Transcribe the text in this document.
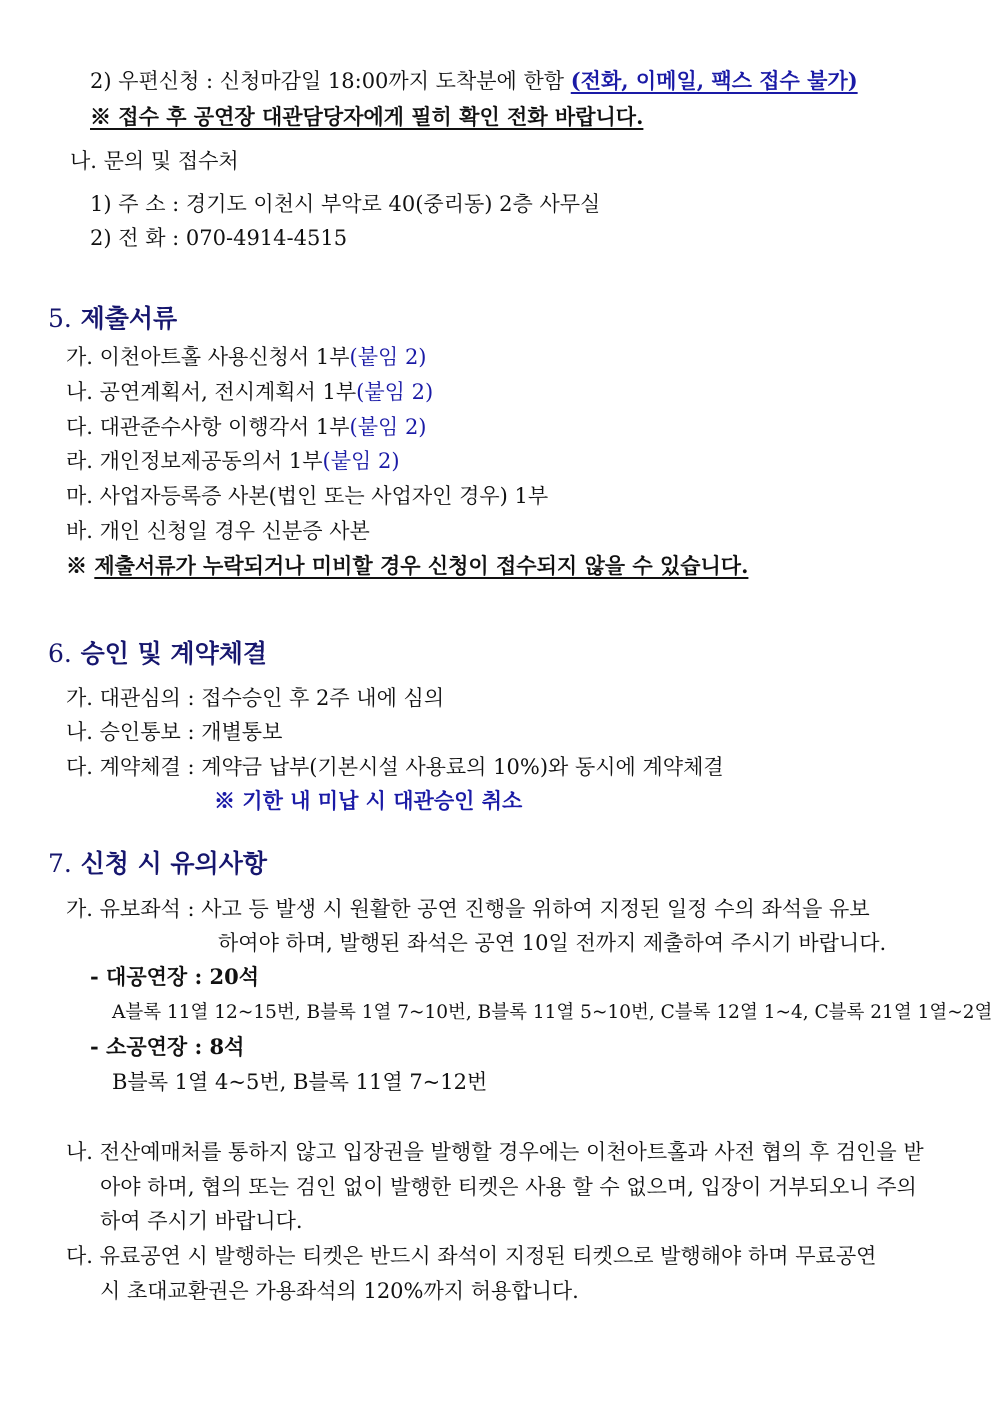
2) 우편신청 : 신청마감일 18:00까지 도착분에 한함 (전화, 이메일, 팩스 접수 불가)
※ 접수 후 공연장 대관담당자에게 필히 확인 전화 바랍니다.
나. 문의 및 접수처
1) 주 소 : 경기도 이천시 부악로 40(중리동) 2층 사무실
2) 전 화 : 070-4914-4515
5. 제출서류
가. 이천아트홀 사용신청서 1부(붙임 2)
나. 공연계획서, 전시계획서 1부(붙임 2)
다. 대관준수사항 이행각서 1부(붙임 2)
라. 개인정보제공동의서 1부(붙임 2)
마. 사업자등록증 사본(법인 또는 사업자인 경우) 1부
바. 개인 신청일 경우 신분증 사본
※ 제출서류가 누락되거나 미비할 경우 신청이 접수되지 않을 수 있습니다.
6. 승인 및 계약체결
가. 대관심의 : 접수승인 후 2주 내에 심의
나. 승인통보 : 개별통보
다. 계약체결 : 계약금 납부(기본시설 사용료의 10%)와 동시에 계약체결
※ 기한 내 미납 시 대관승인 취소
7. 신청 시 유의사항
가. 유보좌석 : 사고 등 발생 시 원활한 공연 진행을 위하여 지정된 일정 수의 좌석을 유보
하여야 하며, 발행된 좌석은 공연 10일 전까지 제출하여 주시기 바랍니다.
- 대공연장 : 20석
A블록 11열 12~15번, B블록 1열 7~10번, B블록 11열 5~10번, C블록 12열 1~4, C블록 21열 1열~2열
- 소공연장 : 8석
B블록 1열 4~5번, B블록 11열 7~12번
나. 전산예매처를 통하지 않고 입장권을 발행할 경우에는 이천아트홀과 사전 협의 후 검인을 받
아야 하며, 협의 또는 검인 없이 발행한 티켓은 사용 할 수 없으며, 입장이 거부되오니 주의
하여 주시기 바랍니다.
다. 유료공연 시 발행하는 티켓은 반드시 좌석이 지정된 티켓으로 발행해야 하며 무료공연
시 초대교환권은 가용좌석의 120%까지 허용합니다.
